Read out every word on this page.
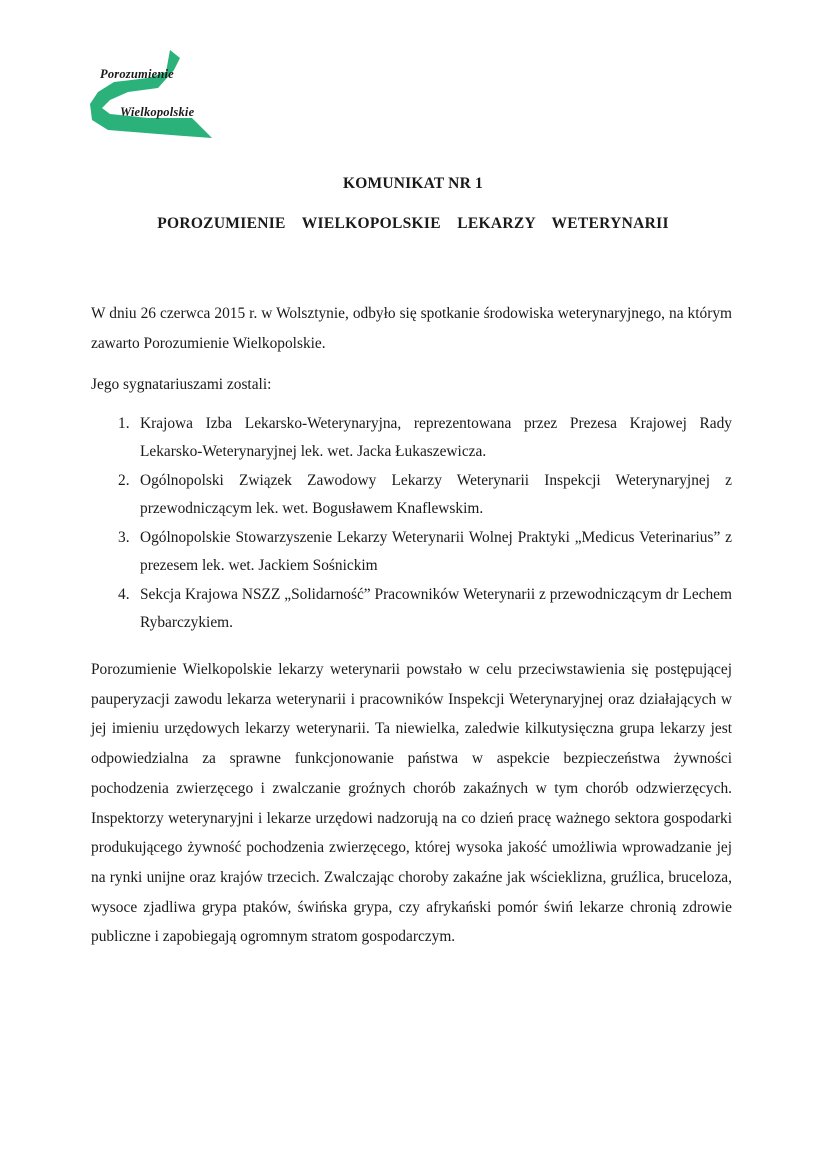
Porozumienie
Wielkopolskie
KOMUNIKAT NR 1
POROZUMIENIE  WIELKOPOLSKIE  LEKARZY  WETERYNARII

W dniu 26 czerwca 2015 r. w Wolsztynie, odbyło się spotkanie środowiska weterynaryjnego, na którym zawarto Porozumienie Wielkopolskie.

Jego sygnatariuszami zostali:

1. Krajowa Izba Lekarsko-Weterynaryjna, reprezentowana przez Prezesa Krajowej Rady Lekarsko-Weterynaryjnej lek. wet. Jacka Łukaszewicza.
2. Ogólnopolski Związek Zawodowy Lekarzy Weterynarii Inspekcji Weterynaryjnej z przewodniczącym lek. wet. Bogusławem Knaflewskim.
3. Ogólnopolskie Stowarzyszenie Lekarzy Weterynarii Wolnej Praktyki „Medicus Veterinarius” z prezesem lek. wet. Jackiem Sośnickim
4. Sekcja Krajowa NSZZ „Solidarność” Pracowników Weterynarii z przewodniczącym dr Lechem Rybarczykiem.

Porozumienie Wielkopolskie lekarzy weterynarii powstało w celu przeciwstawienia się postępującej pauperyzacji zawodu lekarza weterynarii i pracowników Inspekcji Weterynaryjnej oraz działających w jej imieniu urzędowych lekarzy weterynarii. Ta niewielka, zaledwie kilkutysięczna grupa lekarzy jest odpowiedzialna za sprawne funkcjonowanie państwa w aspekcie bezpieczeństwa żywności pochodzenia zwierzęcego i zwalczanie groźnych chorób zakaźnych w tym chorób odzwierzęcych. Inspektorzy weterynaryjni i lekarze urzędowi nadzorują na co dzień pracę ważnego sektora gospodarki produkującego żywność pochodzenia zwierzęcego, której wysoka jakość umożliwia wprowadzanie jej na rynki unijne oraz krajów trzecich. Zwalczając choroby zakaźne jak wścieklizna, gruźlica, bruceloza, wysoce zjadliwa grypa ptaków, świńska grypa, czy afrykański pomór świń lekarze chronią zdrowie publiczne i zapobiegają ogromnym stratom gospodarczym.
